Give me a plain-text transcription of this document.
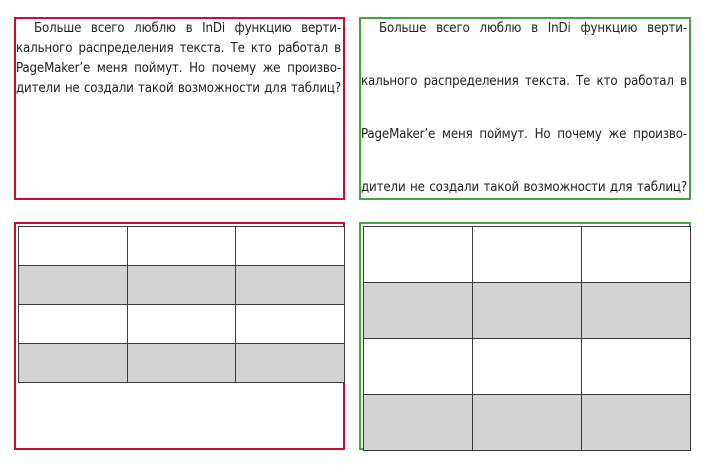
Больше всего люблю в InDi функцию верти-
кального распределения текста. Те кто работал в
PageMaker’e меня поймут. Но почему же произво-
дители не создали такой возможности для таблиц?
Больше всего люблю в InDi функцию верти-
кального распределения текста. Те кто работал в
PageMaker’e меня поймут. Но почему же произво-
дители не создали такой возможности для таблиц?
